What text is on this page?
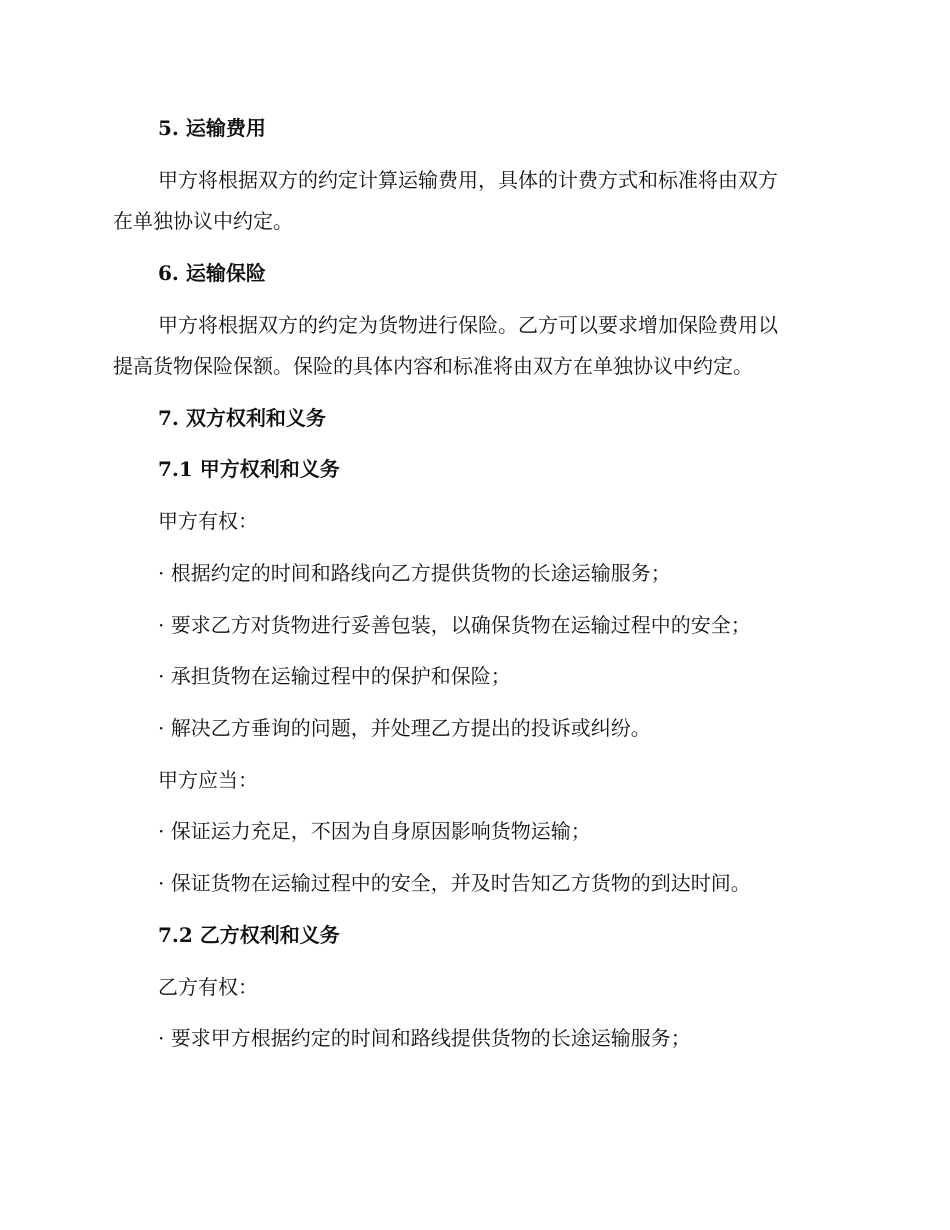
5. 运输费用
甲方将根据双方的约定计算运输费用，具体的计费方式和标准将由双方
在单独协议中约定。
6. 运输保险
甲方将根据双方的约定为货物进行保险。乙方可以要求增加保险费用以
提高货物保险保额。保险的具体内容和标准将由双方在单独协议中约定。
7. 双方权利和义务
7.1 甲方权利和义务
甲方有权：
· 根据约定的时间和路线向乙方提供货物的长途运输服务；
· 要求乙方对货物进行妥善包装，以确保货物在运输过程中的安全；
· 承担货物在运输过程中的保护和保险；
· 解决乙方垂询的问题，并处理乙方提出的投诉或纠纷。
甲方应当：
· 保证运力充足，不因为自身原因影响货物运输；
· 保证货物在运输过程中的安全，并及时告知乙方货物的到达时间。
7.2 乙方权利和义务
乙方有权：
· 要求甲方根据约定的时间和路线提供货物的长途运输服务；
